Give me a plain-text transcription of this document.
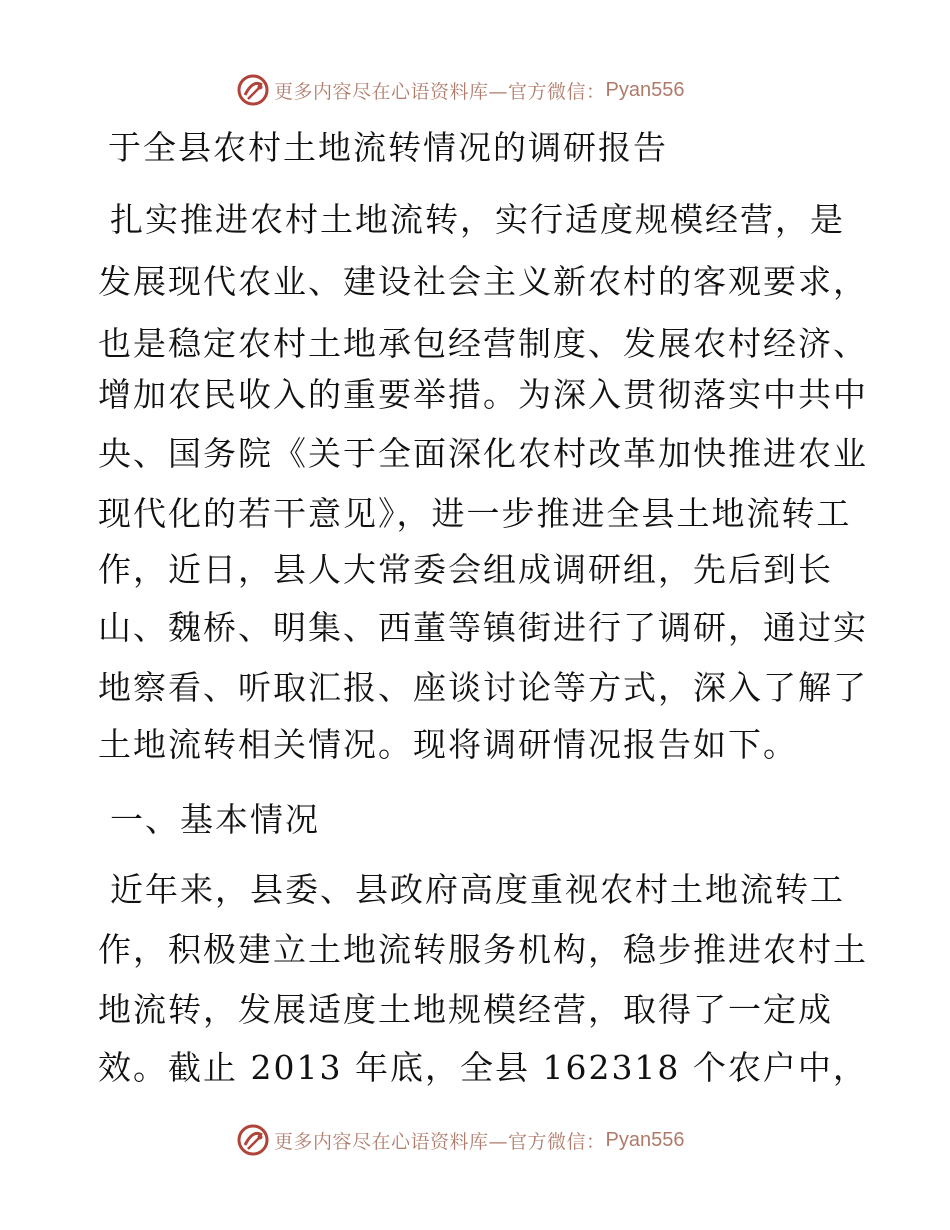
更多内容尽在心语资料库—官方微信： Pyan556
于全县农村土地流转情况的调研报告
扎实推进农村土地流转，实行适度规模经营，是
发展现代农业、建设社会主义新农村的客观要求，
也是稳定农村土地承包经营制度、发展农村经济、
增加农民收入的重要举措。为深入贯彻落实中共中
央、国务院《关于全面深化农村改革加快推进农业
现代化的若干意见》，进一步推进全县土地流转工
作，近日，县人大常委会组成调研组，先后到长
山、魏桥、明集、西董等镇街进行了调研，通过实
地察看、听取汇报、座谈讨论等方式，深入了解了
土地流转相关情况。现将调研情况报告如下。
一、基本情况
近年来，县委、县政府高度重视农村土地流转工
作，积极建立土地流转服务机构，稳步推进农村土
地流转，发展适度土地规模经营，取得了一定成
效。截止 2013 年底，全县 162318 个农户中，
更多内容尽在心语资料库—官方微信： Pyan556
